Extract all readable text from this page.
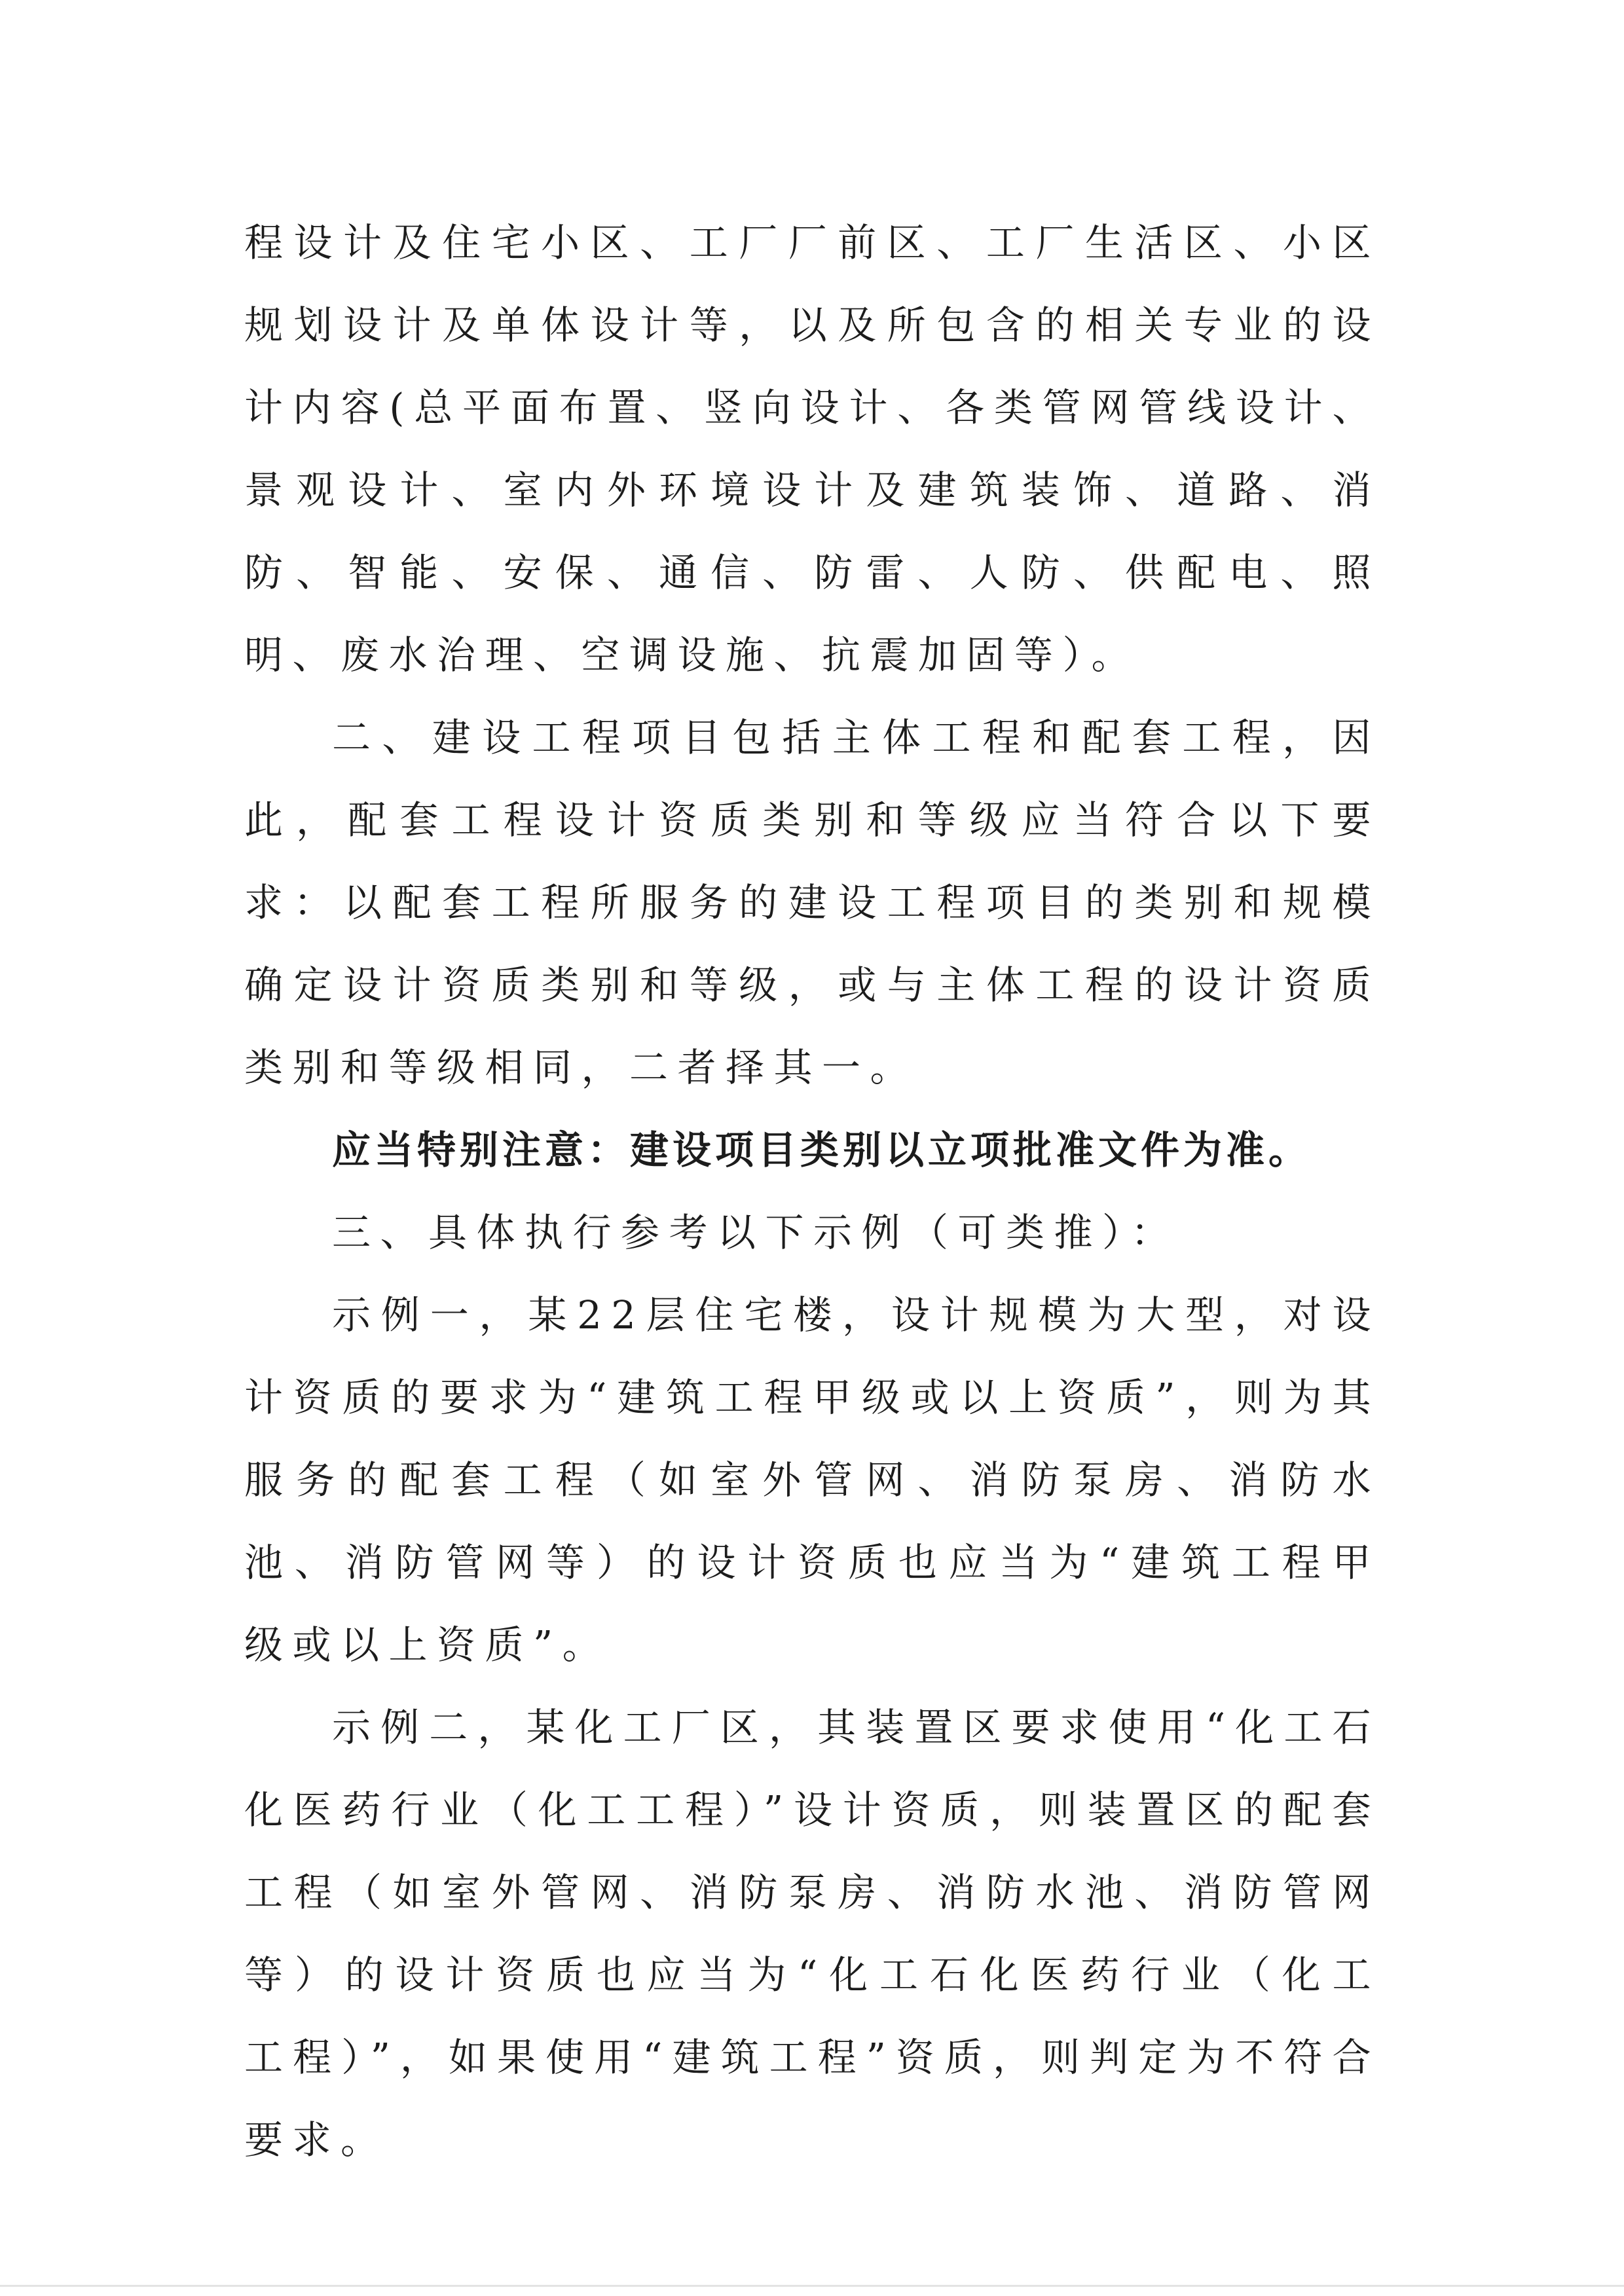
程设计及住宅小区、工厂厂前区、工厂生活区、小区规划设计及单体设计等，以及所包含的相关专业的设计内容(总平面布置、竖向设计、各类管网管线设计、景观设计、室内外环境设计及建筑装饰、道路、消防、智能、安保、通信、防雷、人防、供配电、照明、废水治理、空调设施、抗震加固等）。

二、建设工程项目包括主体工程和配套工程，因此，配套工程设计资质类别和等级应当符合以下要求：以配套工程所服务的建设工程项目的类别和规模确定设计资质类别和等级，或与主体工程的设计资质类别和等级相同，二者择其一。

应当特别注意：建设项目类别以立项批准文件为准。

三、具体执行参考以下示例（可类推）：

示例一，某22层住宅楼，设计规模为大型，对设计资质的要求为“建筑工程甲级或以上资质”，则为其服务的配套工程（如室外管网、消防泵房、消防水池、消防管网等）的设计资质也应当为“建筑工程甲级或以上资质”。

示例二，某化工厂区，其装置区要求使用“化工石化医药行业（化工工程）”设计资质，则装置区的配套工程（如室外管网、消防泵房、消防水池、消防管网等）的设计资质也应当为“化工石化医药行业（化工工程）”，如果使用“建筑工程”资质，则判定为不符合要求。
